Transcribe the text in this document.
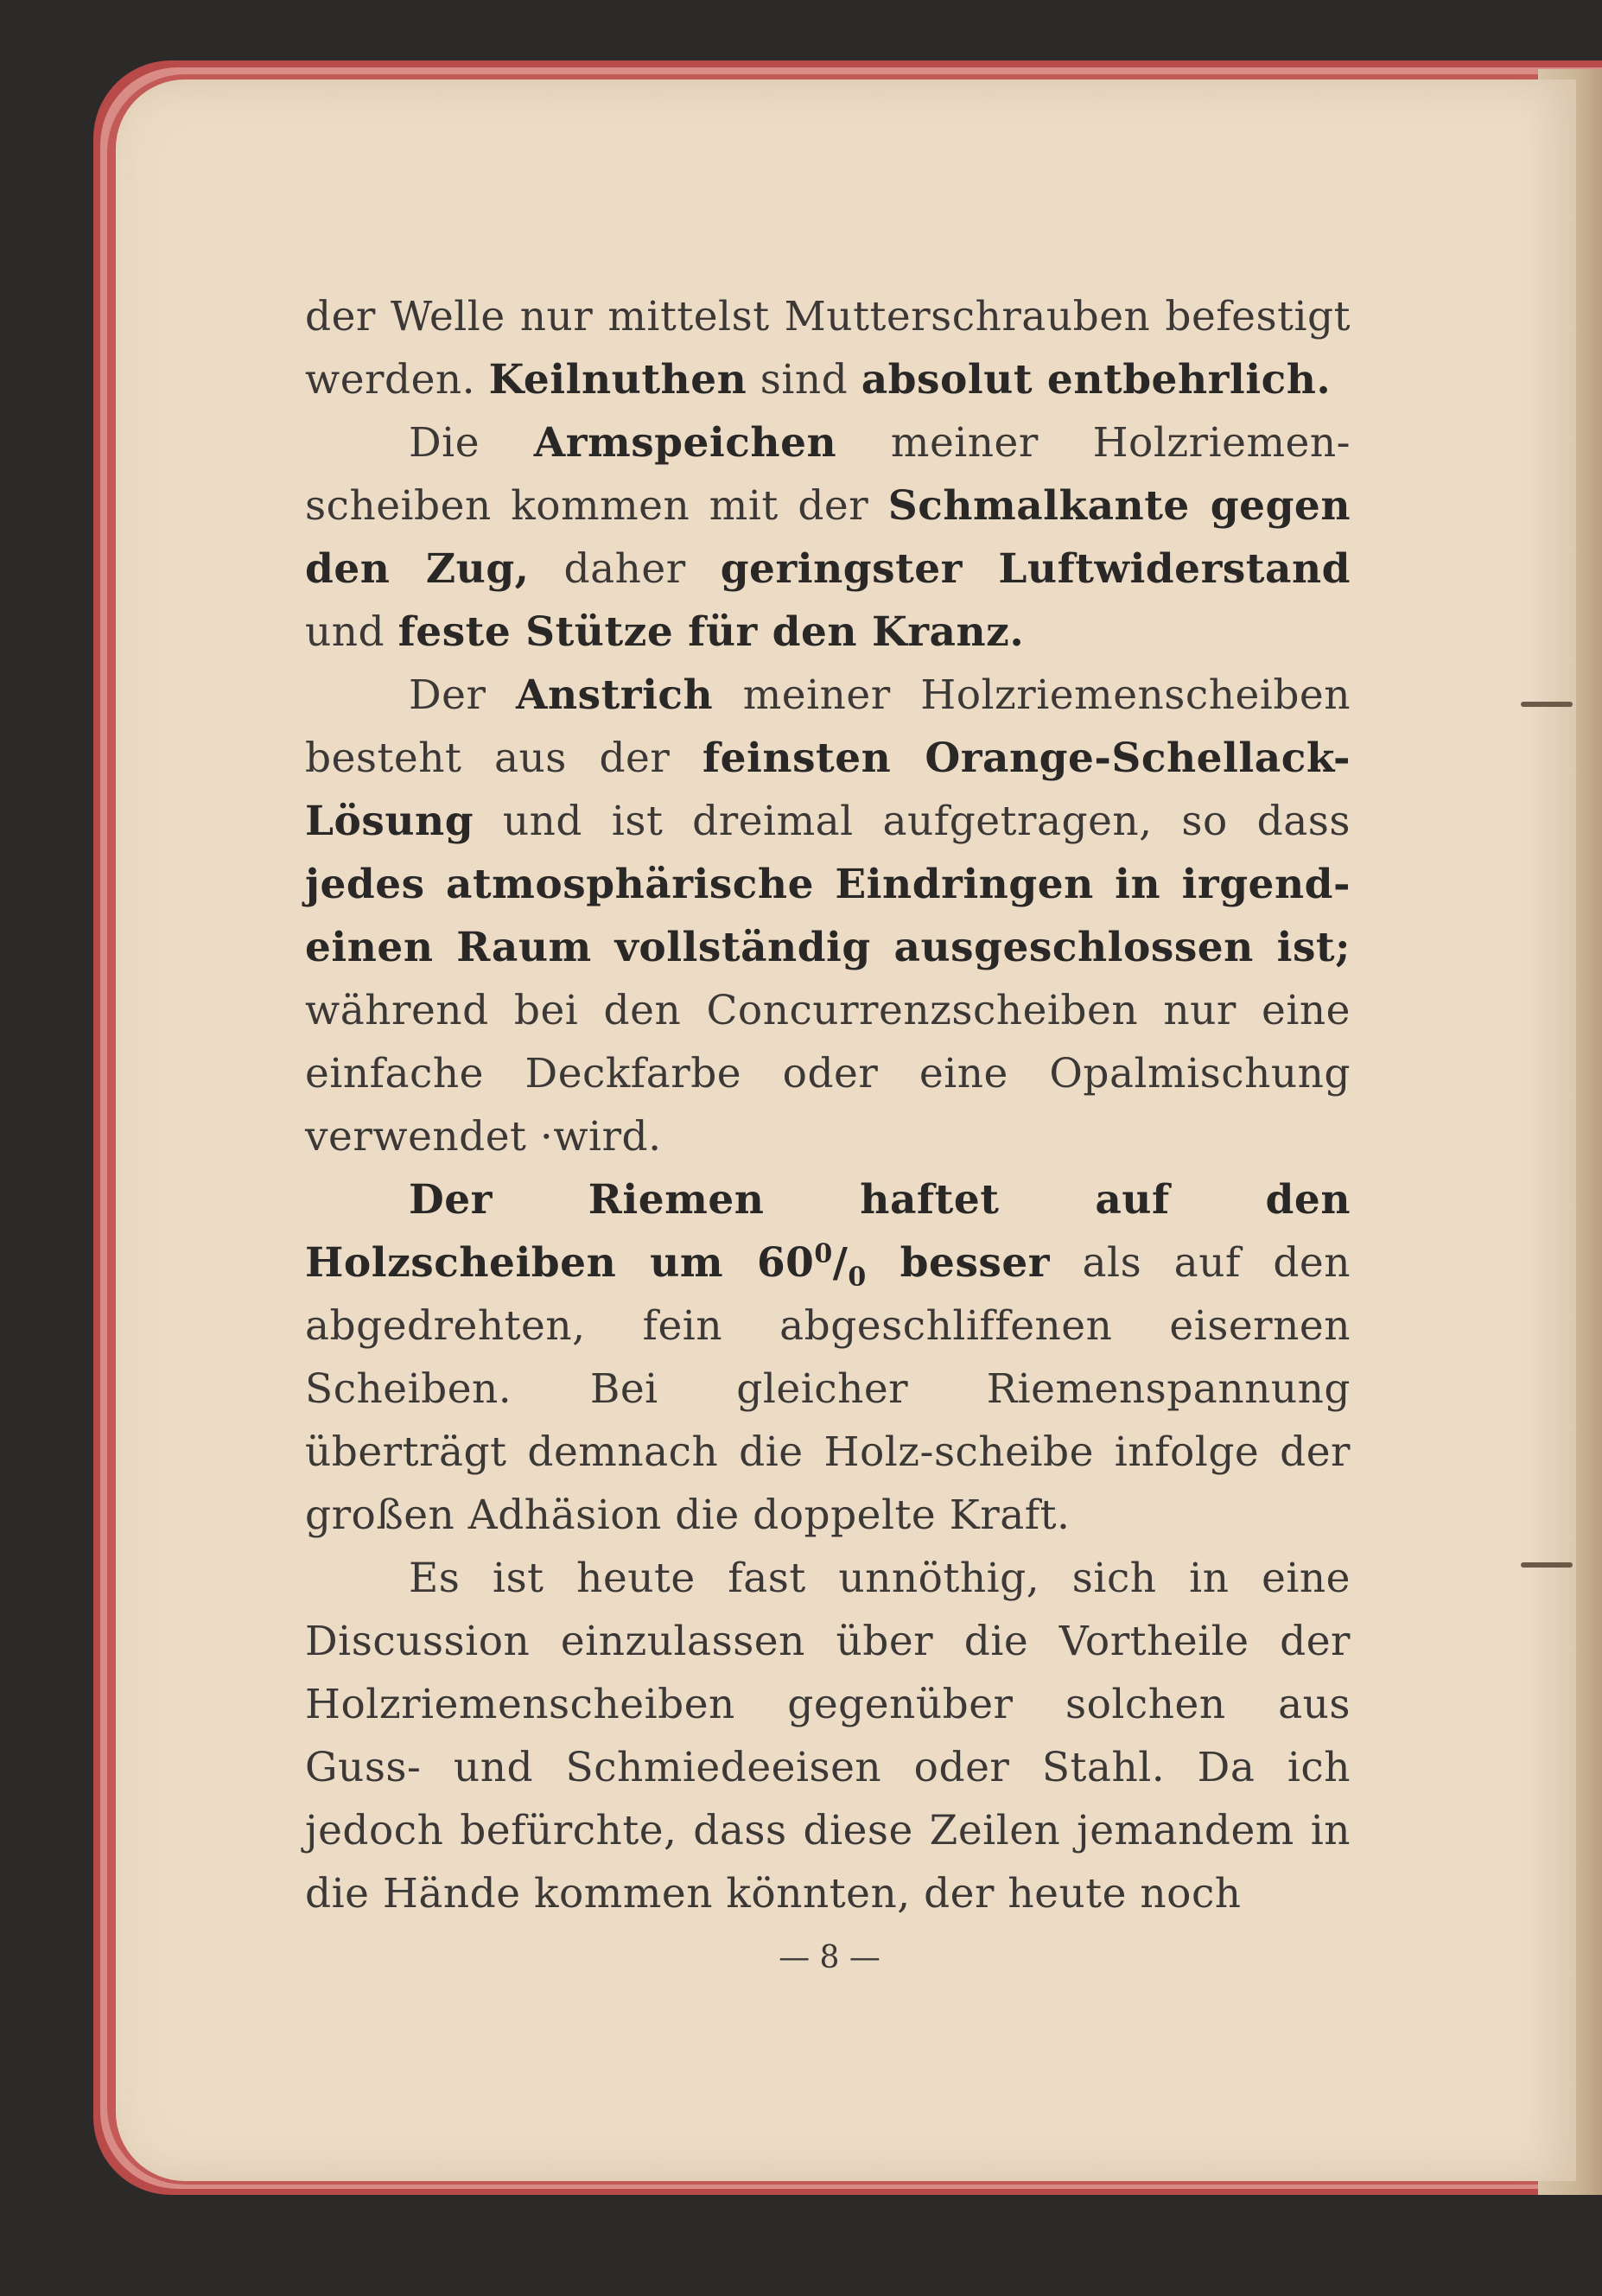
der Welle nur mittelst Mutterschrauben befestigt werden. Keilnuthen sind absolut entbehrlich.

Die Armspeichen meiner Holzriemen-scheiben kommen mit der Schmalkante gegen den Zug, daher geringster Luftwiderstand und feste Stütze für den Kranz.

Der Anstrich meiner Holzriemenscheiben besteht aus der feinsten Orange-Schellack-Lösung und ist dreimal aufgetragen, so dass jedes atmosphärische Eindringen in irgend-einen Raum vollständig ausgeschlossen ist; während bei den Concurrenzscheiben nur eine einfache Deckfarbe oder eine Opalmischung verwendet ·wird.

Der Riemen haftet auf den Holzscheiben um $60^0/_0$ besser als auf den abgedrehten, fein abgeschliffenen eisernen Scheiben. Bei gleicher Riemenspannung überträgt demnach die Holz-scheibe infolge der großen Adhäsion die doppelte Kraft.

Es ist heute fast unnöthig, sich in eine Discussion einzulassen über die Vortheile der Holzriemenscheiben gegenüber solchen aus Guss- und Schmiedeeisen oder Stahl. Da ich jedoch befürchte, dass diese Zeilen jemandem in die Hände kommen könnten, der heute noch

— 8 —
